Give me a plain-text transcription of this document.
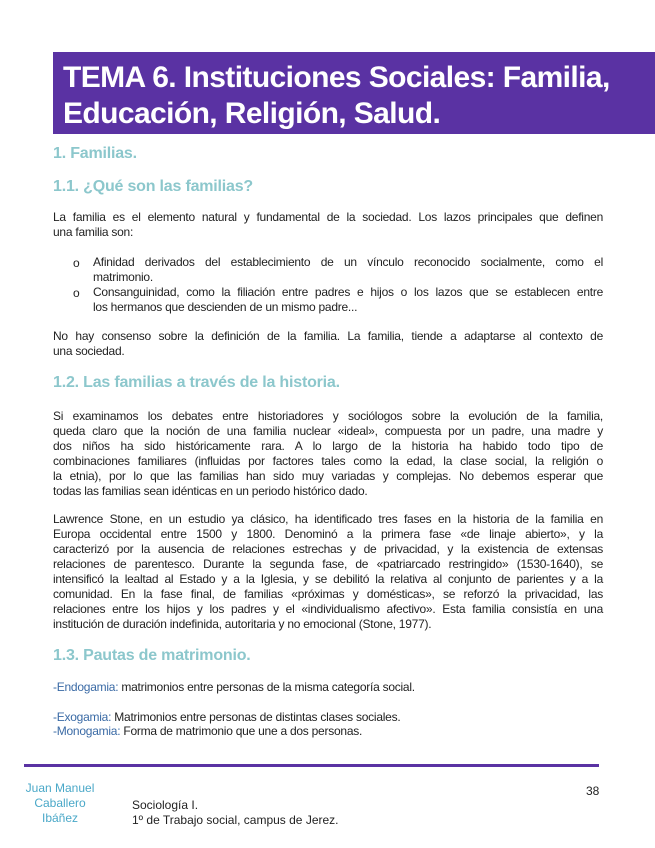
TEMA 6. Instituciones Sociales: Familia,
Educación, Religión, Salud.
1. Familias.
1.1. ¿Qué son las familias?
La familia es el elemento natural y fundamental de la sociedad. Los lazos principales que definen
una familia son:
o Afinidad derivados del establecimiento de un vínculo reconocido socialmente, como el
matrimonio.
o Consanguinidad, como la filiación entre padres e hijos o los lazos que se establecen entre
los hermanos que descienden de un mismo padre...
No hay consenso sobre la definición de la familia. La familia, tiende a adaptarse al contexto de
una sociedad.
1.2. Las familias a través de la historia.
Si examinamos los debates entre historiadores y sociólogos sobre la evolución de la familia,
queda claro que la noción de una familia nuclear «ideal», compuesta por un padre, una madre y
dos niños ha sido históricamente rara. A lo largo de la historia ha habido todo tipo de
combinaciones familiares (influidas por factores tales como la edad, la clase social, la religión o
la etnia), por lo que las familias han sido muy variadas y complejas. No debemos esperar que
todas las familias sean idénticas en un periodo histórico dado.
Lawrence Stone, en un estudio ya clásico, ha identificado tres fases en la historia de la familia en
Europa occidental entre 1500 y 1800. Denominó a la primera fase «de linaje abierto», y la
caracterizó por la ausencia de relaciones estrechas y de privacidad, y la existencia de extensas
relaciones de parentesco. Durante la segunda fase, de «patriarcado restringido» (1530-1640), se
intensificó la lealtad al Estado y a la Iglesia, y se debilitó la relativa al conjunto de parientes y a la
comunidad. En la fase final, de familias «próximas y domésticas», se reforzó la privacidad, las
relaciones entre los hijos y los padres y el «individualismo afectivo». Esta familia consistía en una
institución de duración indefinida, autoritaria y no emocional (Stone, 1977).
1.3. Pautas de matrimonio.
-Endogamia: matrimonios entre personas de la misma categoría social.
-Exogamia: Matrimonios entre personas de distintas clases sociales.
-Monogamia: Forma de matrimonio que une a dos personas.
Juan Manuel
Caballero
Ibáñez
Sociología I.
1º de Trabajo social, campus de Jerez.
38
